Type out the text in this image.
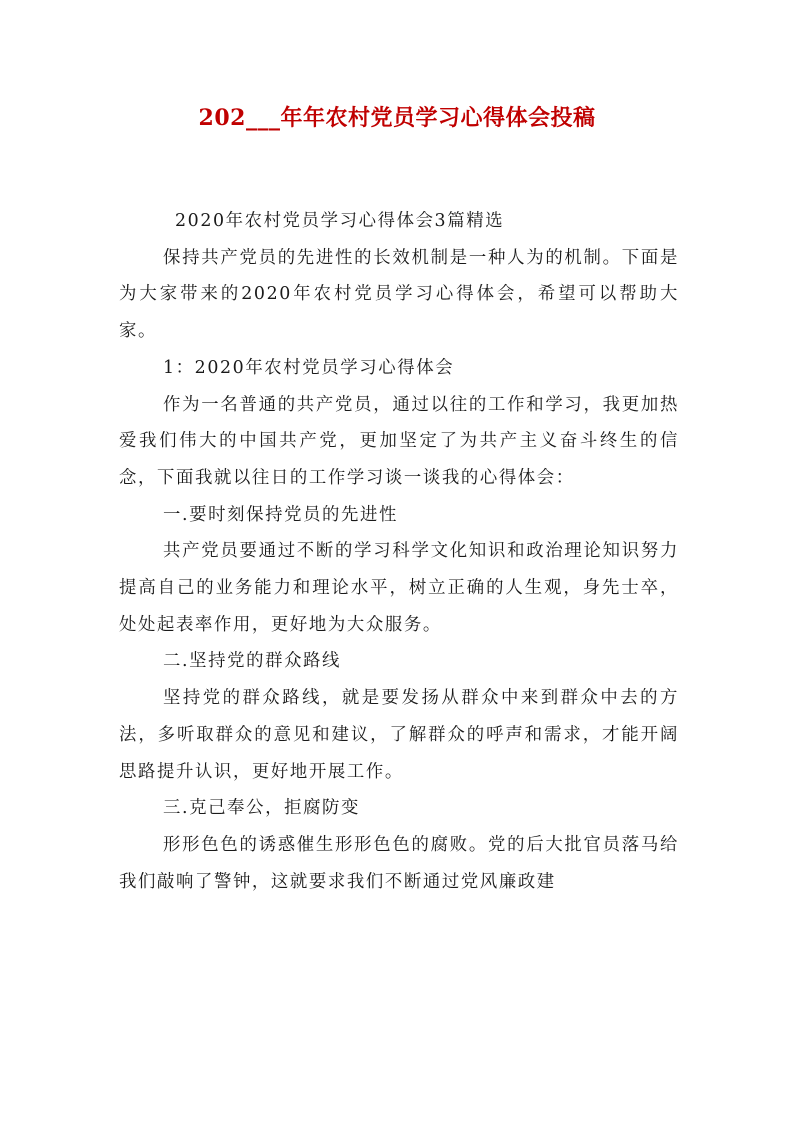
202___年年农村党员学习心得体会投稿

2020年农村党员学习心得体会3篇精选

保持共产党员的先进性的长效机制是一种人为的机制。下面是为大家带来的2020年农村党员学习心得体会，希望可以帮助大家。

1：2020年农村党员学习心得体会

作为一名普通的共产党员，通过以往的工作和学习，我更加热爱我们伟大的中国共产党，更加坚定了为共产主义奋斗终生的信念，下面我就以往日的工作学习谈一谈我的心得体会：

一.要时刻保持党员的先进性

共产党员要通过不断的学习科学文化知识和政治理论知识努力提高自己的业务能力和理论水平，树立正确的人生观，身先士卒，处处起表率作用，更好地为大众服务。

二.坚持党的群众路线

坚持党的群众路线，就是要发扬从群众中来到群众中去的方法，多听取群众的意见和建议，了解群众的呼声和需求，才能开阔思路提升认识，更好地开展工作。

三.克己奉公，拒腐防变

形形色色的诱惑催生形形色色的腐败。党的后大批官员落马给我们敲响了警钟，这就要求我们不断通过党风廉政建
